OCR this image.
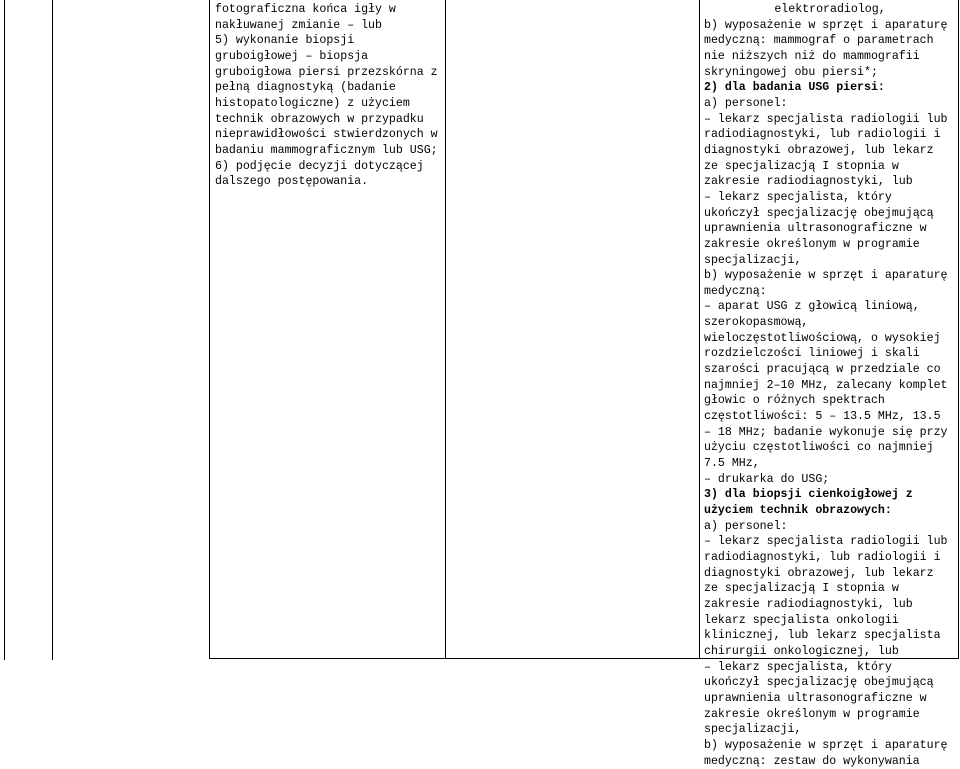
fotograficzna końca igły w
nakłuwanej zmianie – lub
5) wykonanie biopsji
gruboigłowej – biopsja
gruboigłowa piersi przezskórna z
pełną diagnostyką (badanie
histopatologiczne) z użyciem
technik obrazowych w przypadku
nieprawidłowości stwierdzonych w
badaniu mammograficznym lub USG;
6) podjęcie decyzji dotyczącej
dalszego postępowania.
elektroradiolog,
b) wyposażenie w sprzęt i aparaturę
medyczną: mammograf o parametrach
nie niższych niż do mammografii
skryningowej obu piersi*;
2) dla badania USG piersi:
a) personel:
– lekarz specjalista radiologii lub
radiodiagnostyki, lub radiologii i
diagnostyki obrazowej, lub lekarz
ze specjalizacją I stopnia w
zakresie radiodiagnostyki, lub
– lekarz specjalista, który
ukończył specjalizację obejmującą
uprawnienia ultrasonograficzne w
zakresie określonym w programie
specjalizacji,
b) wyposażenie w sprzęt i aparaturę
medyczną:
– aparat USG z głowicą liniową,
szerokopasmową,
wieloczęstotliwościową, o wysokiej
rozdzielczości liniowej i skali
szarości pracującą w przedziale co
najmniej 2–10 MHz, zalecany komplet
głowic o różnych spektrach
częstotliwości: 5 – 13.5 MHz, 13.5
– 18 MHz; badanie wykonuje się przy
użyciu częstotliwości co najmniej
7.5 MHz,
– drukarka do USG;
3) dla biopsji cienkoigłowej z
użyciem technik obrazowych:
a) personel:
– lekarz specjalista radiologii lub
radiodiagnostyki, lub radiologii i
diagnostyki obrazowej, lub lekarz
ze specjalizacją I stopnia w
zakresie radiodiagnostyki, lub
lekarz specjalista onkologii
klinicznej, lub lekarz specjalista
chirurgii onkologicznej, lub
– lekarz specjalista, który
ukończył specjalizację obejmującą
uprawnienia ultrasonograficzne w
zakresie określonym w programie
specjalizacji,
b) wyposażenie w sprzęt i aparaturę
medyczną: zestaw do wykonywania
